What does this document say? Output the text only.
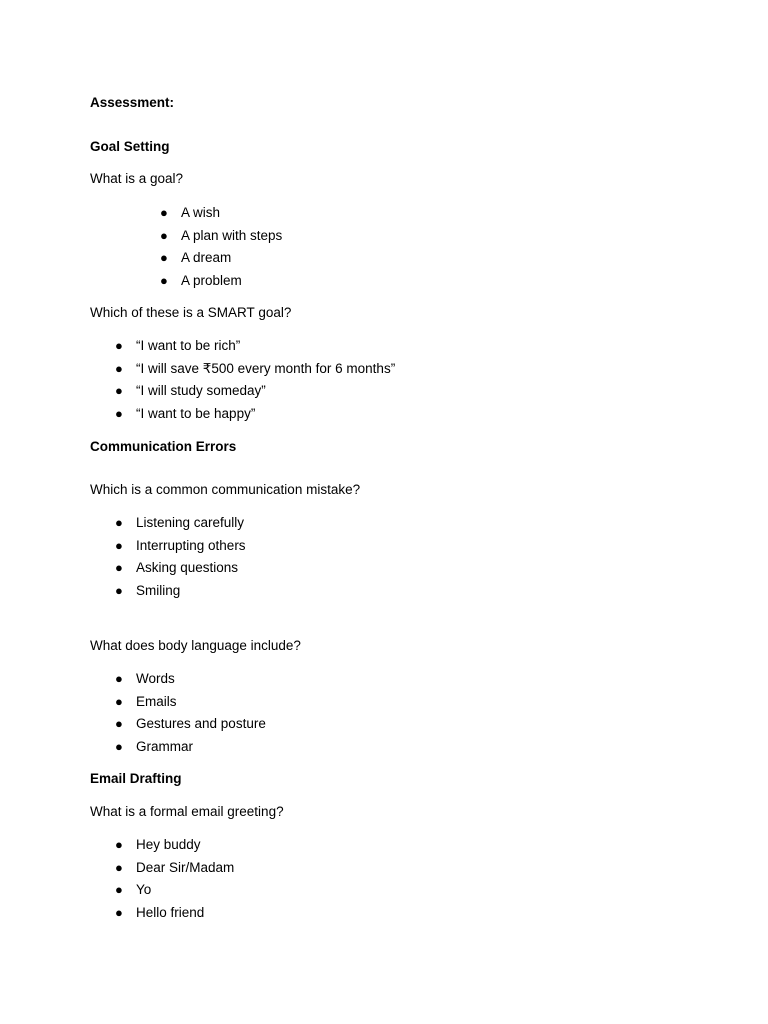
Assessment:
Goal Setting
What is a goal?
● A wish
● A plan with steps
● A dream
● A problem
Which of these is a SMART goal?
● “I want to be rich”
● “I will save ₹500 every month for 6 months”
● “I will study someday”
● “I want to be happy”
Communication Errors
Which is a common communication mistake?
● Listening carefully
● Interrupting others
● Asking questions
● Smiling
What does body language include?
● Words
● Emails
● Gestures and posture
● Grammar
Email Drafting
What is a formal email greeting?
● Hey buddy
● Dear Sir/Madam
● Yo
● Hello friend
